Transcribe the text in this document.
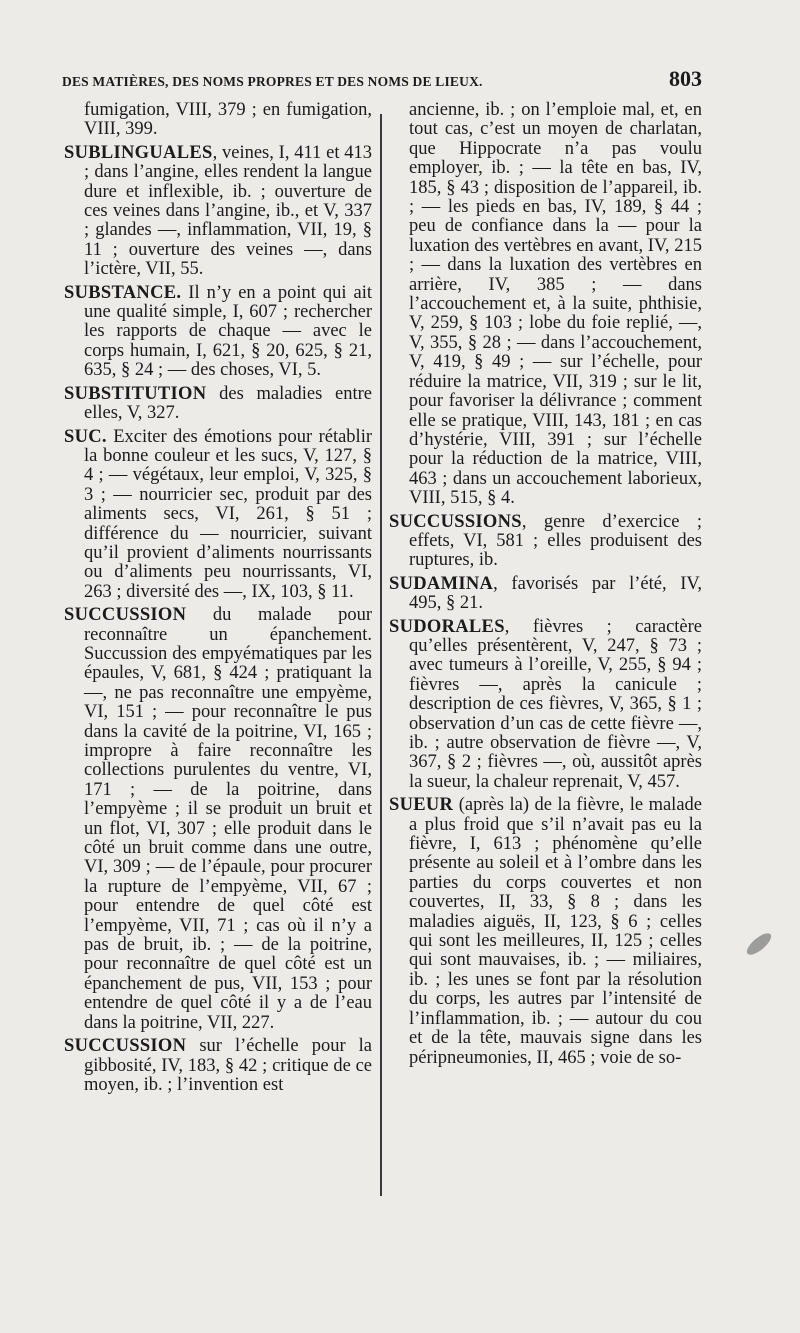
DES MATIÈRES, DES NOMS PROPRES ET DES NOMS DE LIEUX.	803

fumigation, VIII, 379 ; en fumigation, VIII, 399.

SUBLINGUALES, veines, I, 411 et 413 ; dans l’angine, elles rendent la langue dure et inflexible, ib. ; ouverture de ces veines dans l’angine, ib., et V, 337 ; glandes —, inflammation, VII, 19, § 11 ; ouverture des veines —, dans l’ictère, VII, 55.

SUBSTANCE. Il n’y en a point qui ait une qualité simple, I, 607 ; rechercher les rapports de chaque — avec le corps humain, I, 621, § 20, 625, § 21, 635, § 24 ; — des choses, VI, 5.

SUBSTITUTION des maladies entre elles, V, 327.

SUC. Exciter des émotions pour rétablir la bonne couleur et les sucs, V, 127, § 4 ; — végétaux, leur emploi, V, 325, § 3 ; — nourricier sec, produit par des aliments secs, VI, 261, § 51 ; différence du — nourricier, suivant qu’il provient d’aliments nourrissants ou d’aliments peu nourrissants, VI, 263 ; diversité des —, IX, 103, § 11.

SUCCUSSION du malade pour reconnaître un épanchement. Succussion des empyématiques par les épaules, V, 681, § 424 ; pratiquant la —, ne pas reconnaître une empyème, VI, 151 ; — pour reconnaître le pus dans la cavité de la poitrine, VI, 165 ; impropre à faire reconnaître les collections purulentes du ventre, VI, 171 ; — de la poitrine, dans l’empyème ; il se produit un bruit et un flot, VI, 307 ; elle produit dans le côté un bruit comme dans une outre, VI, 309 ; — de l’épaule, pour procurer la rupture de l’empyème, VII, 67 ; pour entendre de quel côté est l’empyème, VII, 71 ; cas où il n’y a pas de bruit, ib. ; — de la poitrine, pour reconnaître de quel côté est un épanchement de pus, VII, 153 ; pour entendre de quel côté il y a de l’eau dans la poitrine, VII, 227.

SUCCUSSION sur l’échelle pour la gibbosité, IV, 183, § 42 ; critique de ce moyen, ib. ; l’invention est

ancienne, ib. ; on l’emploie mal, et, en tout cas, c’est un moyen de charlatan, que Hippocrate n’a pas voulu employer, ib. ; — la tête en bas, IV, 185, § 43 ; disposition de l’appareil, ib. ; — les pieds en bas, IV, 189, § 44 ; peu de confiance dans la — pour la luxation des vertèbres en avant, IV, 215 ; — dans la luxation des vertèbres en arrière, IV, 385 ; — dans l’accouchement et, à la suite, phthisie, V, 259, § 103 ; lobe du foie replié, —, V, 355, § 28 ; — dans l’accouchement, V, 419, § 49 ; — sur l’échelle, pour réduire la matrice, VII, 319 ; sur le lit, pour favoriser la délivrance ; comment elle se pratique, VIII, 143, 181 ; en cas d’hystérie, VIII, 391 ; sur l’échelle pour la réduction de la matrice, VIII, 463 ; dans un accouchement laborieux, VIII, 515, § 4.

SUCCUSSIONS, genre d’exercice ; effets, VI, 581 ; elles produisent des ruptures, ib.

SUDAMINA, favorisés par l’été, IV, 495, § 21.

SUDORALES, fièvres ; caractère qu’elles présentèrent, V, 247, § 73 ; avec tumeurs à l’oreille, V, 255, § 94 ; fièvres —, après la canicule ; description de ces fièvres, V, 365, § 1 ; observation d’un cas de cette fièvre —, ib. ; autre observation de fièvre —, V, 367, § 2 ; fièvres —, où, aussitôt après la sueur, la chaleur reprenait, V, 457.

SUEUR (après la) de la fièvre, le malade a plus froid que s’il n’avait pas eu la fièvre, I, 613 ; phénomène qu’elle présente au soleil et à l’ombre dans les parties du corps couvertes et non couvertes, II, 33, § 8 ; dans les maladies aiguës, II, 123, § 6 ; celles qui sont les meilleures, II, 125 ; celles qui sont mauvaises, ib. ; — miliaires, ib. ; les unes se font par la résolution du corps, les autres par l’intensité de l’inflammation, ib. ; — autour du cou et de la tête, mauvais signe dans les péripneumonies, II, 465 ; voie de so-
